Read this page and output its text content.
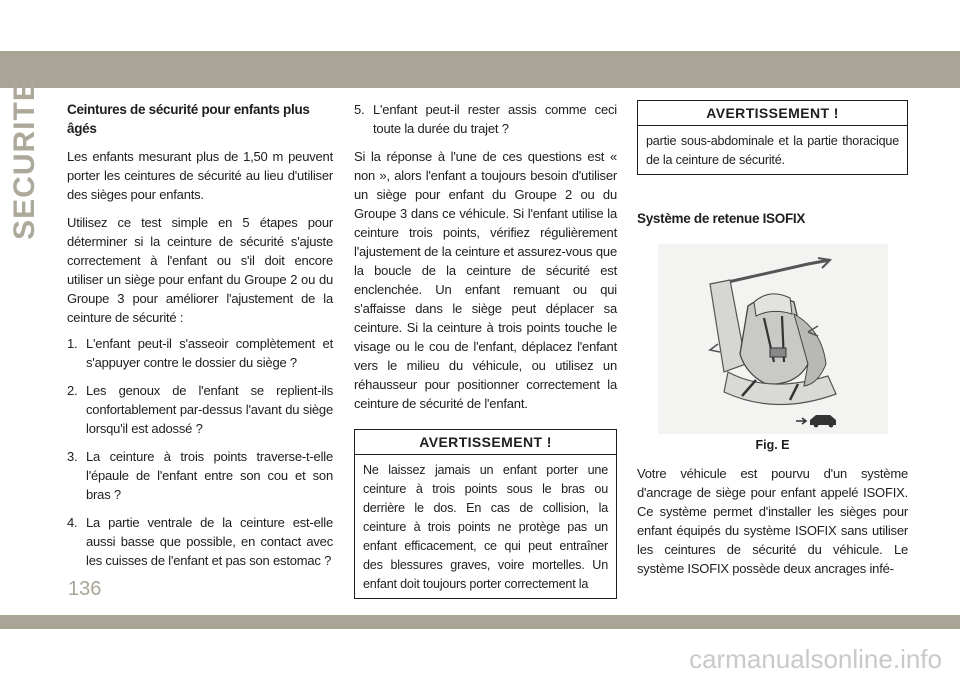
SECURITE Ceintures de sécurité pour enfants plus âgés

Les enfants mesurant plus de 1,50 m peuvent porter les ceintures de sécurité au lieu d'utiliser des sièges pour enfants.

Utilisez ce test simple en 5 étapes pour déterminer si la ceinture de sécurité s'ajuste correctement à l'enfant ou s'il doit encore utiliser un siège pour enfant du Groupe 2 ou du Groupe 3 pour améliorer l'ajustement de la ceinture de sécurité :

1. L'enfant peut-il s'asseoir complètement et s'appuyer contre le dossier du siège ?
2. Les genoux de l'enfant se replient-ils confortablement par-dessus l'avant du siège lorsqu'il est adossé ?
3. La ceinture à trois points traverse-t-elle l'épaule de l'enfant entre son cou et son bras ?
4. La partie ventrale de la ceinture est-elle aussi basse que possible, en contact avec les cuisses de l'enfant et pas son estomac ?
5. L'enfant peut-il rester assis comme ceci toute la durée du trajet ?

Si la réponse à l'une de ces questions est « non », alors l'enfant a toujours besoin d'utiliser un siège pour enfant du Groupe 2 ou du Groupe 3 dans ce véhicule. Si l'enfant utilise la ceinture trois points, vérifiez régulièrement l'ajustement de la ceinture et assurez-vous que la boucle de la ceinture de sécurité est enclenchée. Un enfant remuant ou qui s'affaisse dans le siège peut déplacer sa ceinture. Si la ceinture à trois points touche le visage ou le cou de l'enfant, déplacez l'enfant vers le milieu du véhicule, ou utilisez un réhausseur pour positionner correctement la ceinture de sécurité de l'enfant.

AVERTISSEMENT !
Ne laissez jamais un enfant porter une ceinture à trois points sous le bras ou derrière le dos. En cas de collision, la ceinture à trois points ne protège pas un enfant efficacement, ce qui peut entraîner des blessures graves, voire mortelles. Un enfant doit toujours porter correctement la
AVERTISSEMENT !
partie sous-abdominale et la partie thoracique de la ceinture de sécurité.
Système de retenue ISOFIX
Fig. E

Votre véhicule est pourvu d'un système d'ancrage de siège pour enfant appelé ISOFIX. Ce système permet d'installer les sièges pour enfant équipés du système ISOFIX sans utiliser les ceintures de sécurité du véhicule. Le système ISOFIX possède deux ancrages infé-

136
carmanualsonline.info
